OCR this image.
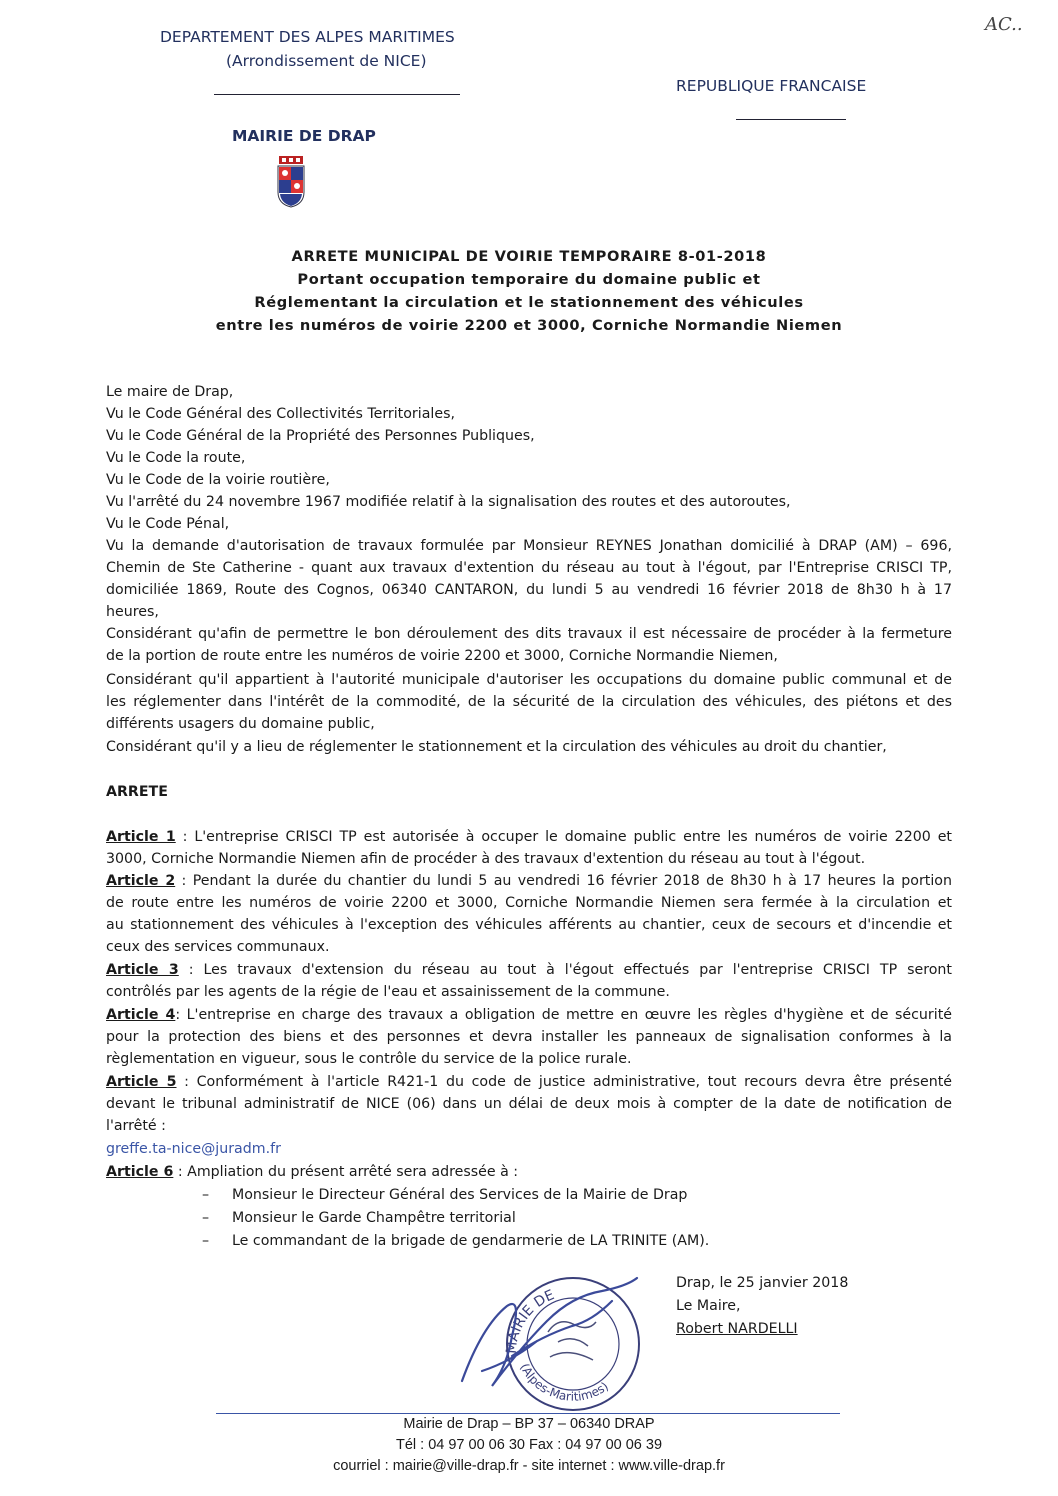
DEPARTEMENT DES ALPES MARITIMES
(Arrondissement de NICE)
REPUBLIQUE FRANCAISE
MAIRIE DE DRAP
AC..
ARRETE MUNICIPAL DE VOIRIE TEMPORAIRE 8-01-2018
Portant occupation temporaire du domaine public et
Réglementant la circulation et le stationnement des véhicules
entre les numéros de voirie 2200 et 3000, Corniche Normandie Niemen
Le maire de Drap,
Vu le Code Général des Collectivités Territoriales,
Vu le Code Général de la Propriété des Personnes Publiques,
Vu le Code la route,
Vu le Code de la voirie routière,
Vu l'arrêté du 24 novembre 1967 modifiée relatif à la signalisation des routes et des autoroutes,
Vu le Code Pénal,
Vu la demande d'autorisation de travaux formulée par Monsieur REYNES Jonathan domicilié à DRAP (AM) – 696,
Chemin de Ste Catherine - quant aux travaux d'extention du réseau au tout à l'égout, par l'Entreprise CRISCI TP,
domiciliée 1869, Route des Cognos, 06340 CANTARON, du lundi 5 au vendredi 16 février 2018 de 8h30 h à 17
heures,
Considérant qu'afin de permettre le bon déroulement des dits travaux il est nécessaire de procéder à la fermeture
de la portion de route entre les numéros de voirie 2200 et 3000, Corniche Normandie Niemen,
Considérant qu'il appartient à l'autorité municipale d'autoriser les occupations du domaine public communal et de
les réglementer dans l'intérêt de la commodité, de la sécurité de la circulation des véhicules, des piétons et des
différents usagers du domaine public,
Considérant qu'il y a lieu de réglementer le stationnement et la circulation des véhicules au droit du chantier,
ARRETE
Article 1 : L'entreprise CRISCI TP est autorisée à occuper le domaine public entre les numéros de voirie 2200 et
3000, Corniche Normandie Niemen afin de procéder à des travaux d'extention du réseau au tout à l'égout.
Article 2 : Pendant la durée du chantier du lundi 5 au vendredi 16 février 2018 de 8h30 h à 17 heures la portion
de route entre les numéros de voirie 2200 et 3000, Corniche Normandie Niemen sera fermée à la circulation et
au stationnement des véhicules à l'exception des véhicules afférents au chantier, ceux de secours et d'incendie et
ceux des services communaux.
Article 3 : Les travaux d'extension du réseau au tout à l'égout effectués par l'entreprise CRISCI TP seront
contrôlés par les agents de la régie de l'eau et assainissement de la commune.
Article 4: L'entreprise en charge des travaux a obligation de mettre en œuvre les règles d'hygiène et de sécurité
pour la protection des biens et des personnes et devra installer les panneaux de signalisation conformes à la
règlementation en vigueur, sous le contrôle du service de la police rurale.
Article 5 : Conformément à l'article R421-1 du code de justice administrative, tout recours devra être présenté
devant le tribunal administratif de NICE (06) dans un délai de deux mois à compter de la date de notification de
l'arrêté :
greffe.ta-nice@juradm.fr
Article 6 : Ampliation du présent arrêté sera adressée à :
– Monsieur le Directeur Général des Services de la Mairie de Drap
– Monsieur le Garde Champêtre territorial
– Le commandant de la brigade de gendarmerie de LA TRINITE (AM).
MAIRIE DE
(Alpes-Maritimes)
Drap, le 25 janvier 2018
Le Maire,
Robert NARDELLI
Mairie de Drap – BP 37 – 06340 DRAP
Tél : 04 97 00 06 30 Fax : 04 97 00 06 39
courriel : mairie@ville-drap.fr - site internet : www.ville-drap.fr
